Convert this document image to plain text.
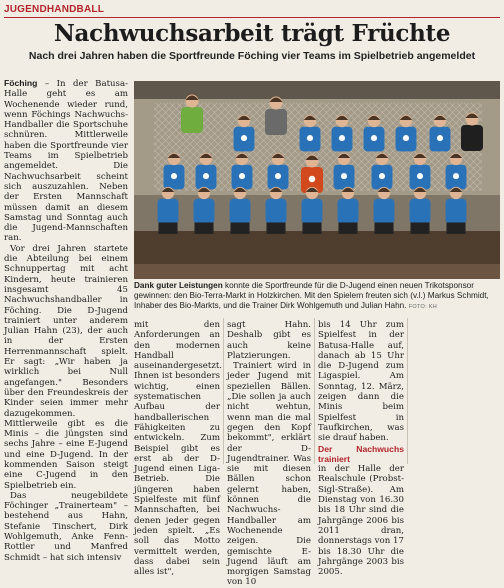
JUGENDHANDBALL
Nachwuchsarbeit trägt Früchte
Nach drei Jahren haben die Sportfreunde Föching vier Teams im Spielbetrieb angemeldet

Föching – In der Batusa-Halle geht es am Wochenende wieder rund, wenn Föchings Nachwuchs-Handballer die Sportschuhe schnüren. Mittlerweile haben die Sportfreunde vier Teams im Spielbetrieb angemeldet. Die Nachwuchsarbeit scheint sich auszuzahlen. Neben der Ersten Mannschaft müssen damit an diesem Samstag und Sonntag auch die Jugend-Mannschaften ran.

Vor drei Jahren startete die Abteilung bei einem Schnuppertag mit acht Kindern, heute trainieren insgesamt 45 Nachwuchshandballer in Föching. Die D-Jugend trainiert unter anderem Julian Hahn (23), der auch in der Ersten Herrenmannschaft spielt. Er sagt: „Wir haben ja wirklich bei Null angefangen." Besonders über den Freundeskreis der Kinder seien immer mehr dazugekommen. Mittlerweile gibt es die Minis – die jüngsten sind sechs Jahre – eine E-Jugend und eine D-Jugend. In der kommenden Saison steigt eine C-Jugend in den Spielbetrieb ein.

Das neugebildete Föchinger „Trainerteam" – bestehend aus Hahn, Stefanie Tinschert, Dirk Wohlgemuth, Anke Fenn-Rottler und Manfred Schmidt – hat sich intensiv

Dank guter Leistungen konnte die Sportfreunde für die D-Jugend einen neuen Trikotsponsor gewinnen: den Bio-Terra-Markt in Holzkirchen. Mit den Spielern freuten sich (v.l.) Markus Schmidt, Inhaber des Bio-Markts, und die Trainer Dirk Wohlgemuth und Julian Hahn. FOTO: KH

mit den Anforderungen an den modernen Handball auseinandergesetzt. Ihnen ist besonders wichtig, einen systematischen Aufbau der handballerischen Fähigkeiten zu entwickeln. Zum Beispiel gibt es erst ab der D-Jugend einen Liga-Betrieb. Die jüngeren haben Spielfeste mit fünf Mannschaften, bei denen jeder gegen jeden spielt. „Es soll das Motto vermittelt werden, dass dabei sein alles ist",

sagt Hahn. Deshalb gibt es auch keine Platzierungen.

Trainiert wird in jeder Jugend mit speziellen Bällen. „Die sollen ja auch nicht wehtun, wenn man die mal gegen den Kopf bekommt", erklärt der D-Jugendtrainer. Was sie mit diesen Bällen schon gelernt haben, können die Nachwuchs-Handballer am Wochenende zeigen. Die gemischte E-Jugend läuft am morgigen Samstag von 10

bis 14 Uhr zum Spielfest in der Batusa-Halle auf, danach ab 15 Uhr die D-Jugend zum Ligaspiel. Am Sonntag, 12. März, zeigen dann die Minis beim Spielfest in Taufkirchen, was sie drauf haben.

Der Nachwuchs trainiert

in der Halle der Realschule (Probst-Sigl-Straße). Am Dienstag von 16.30 bis 18 Uhr sind die Jahrgänge 2006 bis 2011 dran, donnerstags von 17 bis 18.30 Uhr die Jahrgänge 2003 bis 2005.
